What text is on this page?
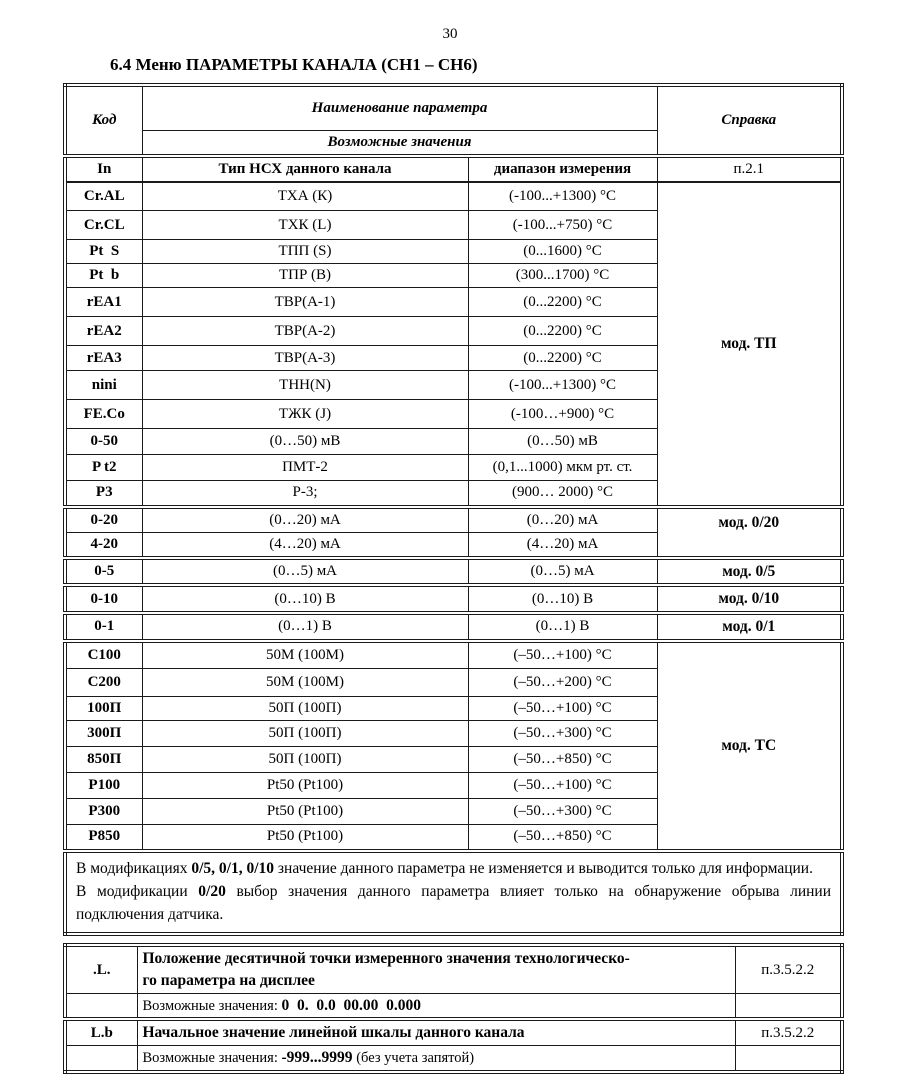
30
6.4 Меню ПАРАМЕТРЫ КАНАЛА (CH1 – CH6)
Код	Наименование параметра		Справка
	Возможные значения		
In	Тип НСХ данного канала	диапазон измерения	п.2.1
Cr.AL	ТХА (К)	(-100...+1300) °С	мод. ТП
Cr.CL	ТХК (L)	(-100...+750) °С	
Pt  S	ТПП (S)	(0...1600) °С	
Pt  b	ТПР (В)	(300...1700) °С	
rEA1	ТВР(А-1)	(0...2200) °С	
rEA2	ТВР(А-2)	(0...2200) °С	
rEA3	ТВР(А-3)	(0...2200) °С	
nini	ТНН(N)	(-100...+1300) °С	
FE.Co	ТЖК (J)	(-100…+900) °С	
0-50	(0…50) мВ	(0…50) мВ	
P t2	ПМТ-2	(0,1...1000) мкм рт. ст.	
P3	Р-3;	(900… 2000) °С	
0-20	(0…20) мА	(0…20) мА	мод. 0/20
4-20	(4…20) мА	(4…20) мА	
0-5	(0…5) мА	(0…5) мА	мод. 0/5
0-10	(0…10) В	(0…10) В	мод. 0/10
0-1	(0…1) В	(0…1) В	мод. 0/1
C100	50М (100М)	(–50…+100) °С	мод. ТС
C200	50М (100М)	(–50…+200) °С	
100П	50П (100П)	(–50…+100) °С	
300П	50П (100П)	(–50…+300) °С	
850П	50П (100П)	(–50…+850) °С	
P100	Pt50 (Pt100)	(–50…+100) °С	
P300	Pt50 (Pt100)	(–50…+300) °С	
P850	Pt50 (Pt100)	(–50…+850) °С	

В модификациях 0/5, 0/1, 0/10 значение данного параметра не изменяется и выводится только для информации.
В модификации 0/20 выбор значения данного параметра влияет только на обнаружение обрыва линии подключения датчика.			
.L.	Положение десятичной точки измеренного значения технологическо-
го параметра на дисплее	п.3.5.2.2
	Возможные значения: 0  0.  0.0  00.00  0.000	
L.b	Начальное значение линейной шкалы данного канала	п.3.5.2.2
	Возможные значения: -999...9999 (без учета запятой)	
